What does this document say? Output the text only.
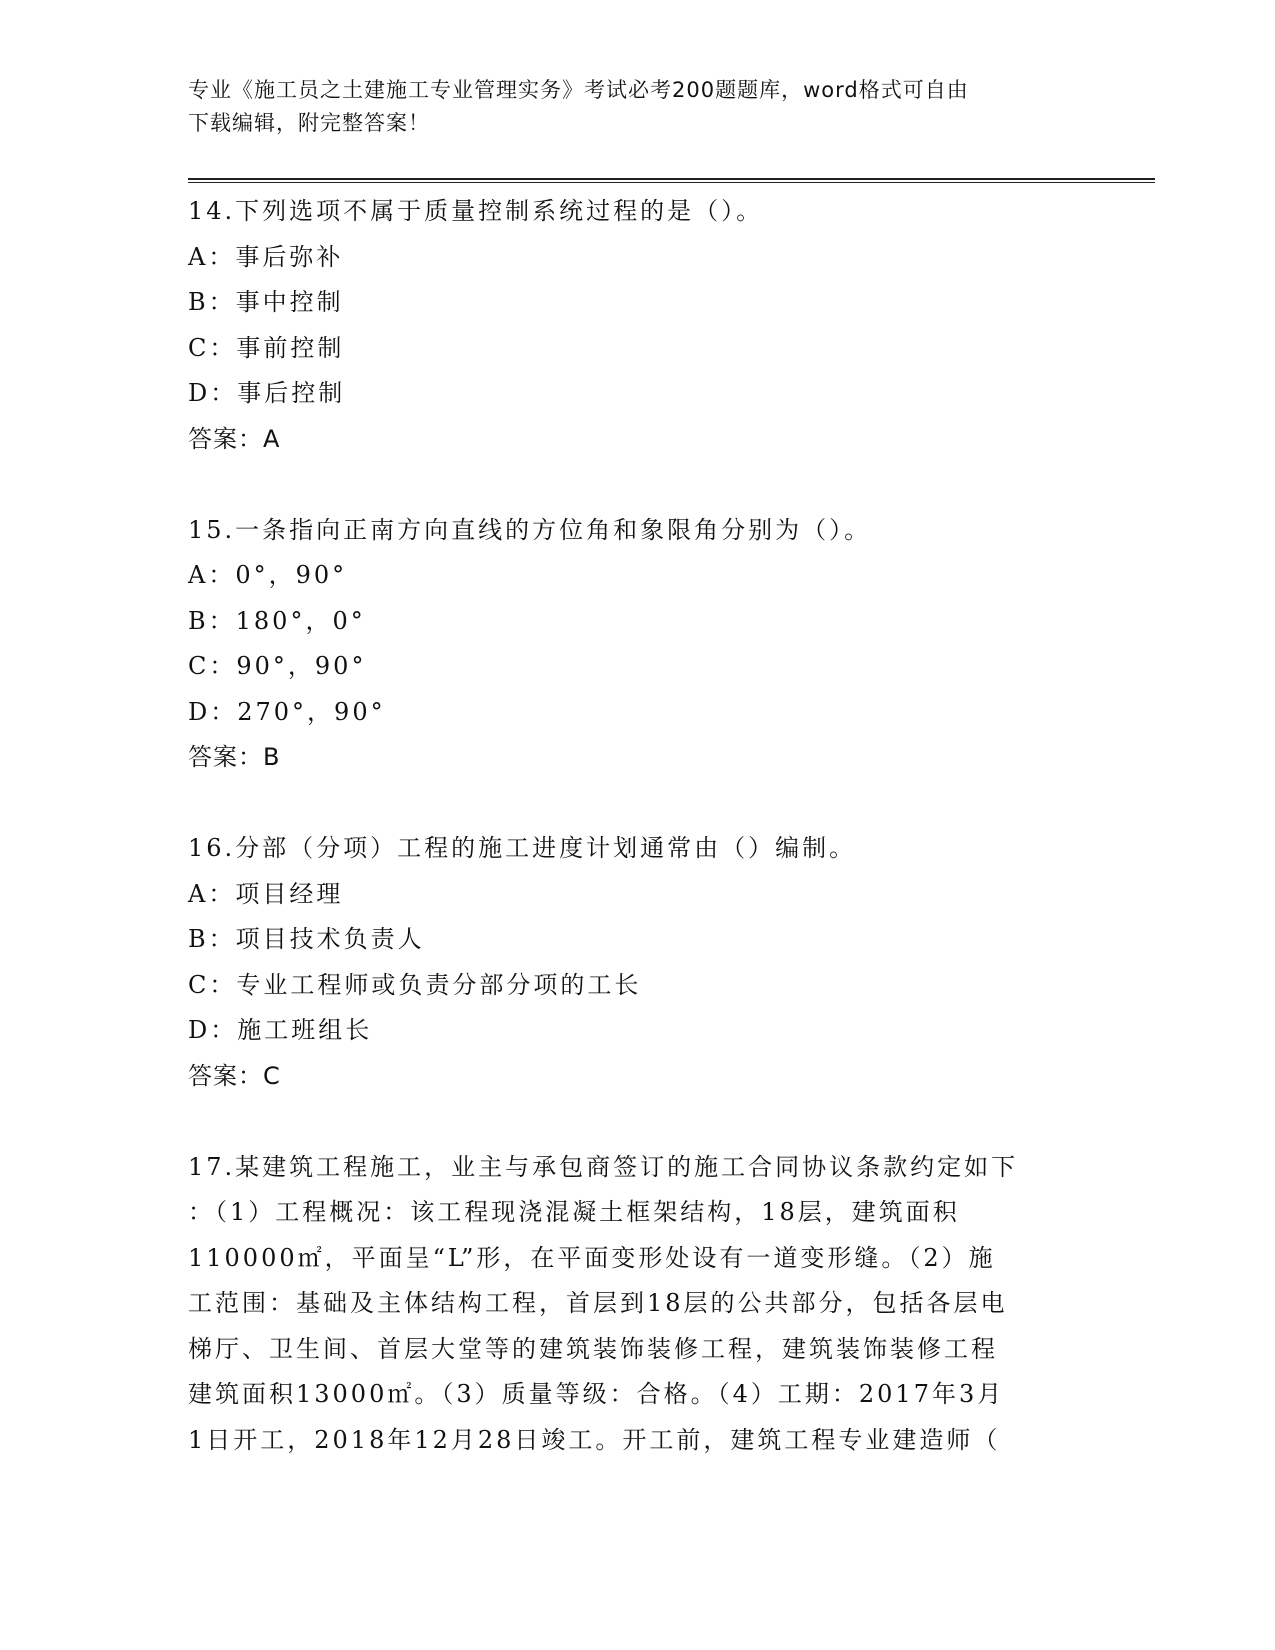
专业《施工员之土建施工专业管理实务》考试必考200题题库，word格式可自由
下载编辑，附完整答案！
14.下列选项不属于质量控制系统过程的是（）。
A：事后弥补
B：事中控制
C：事前控制
D：事后控制
答案：A
15.一条指向正南方向直线的方位角和象限角分别为（）。
A：0°，90°
B：180°，0°
C：90°，90°
D：270°，90°
答案：B
16.分部（分项）工程的施工进度计划通常由（）编制。
A：项目经理
B：项目技术负责人
C：专业工程师或负责分部分项的工长
D：施工班组长
答案：C
17.某建筑工程施工，业主与承包商签订的施工合同协议条款约定如下
：（1）工程概况：该工程现浇混凝土框架结构，18层，建筑面积
110000㎡，平面呈“L”形，在平面变形处设有一道变形缝。（2）施
工范围：基础及主体结构工程，首层到18层的公共部分，包括各层电
梯厅、卫生间、首层大堂等的建筑装饰装修工程，建筑装饰装修工程
建筑面积13000㎡。（3）质量等级：合格。（4）工期：2017年3月
1日开工，2018年12月28日竣工。开工前，建筑工程专业建造师（
